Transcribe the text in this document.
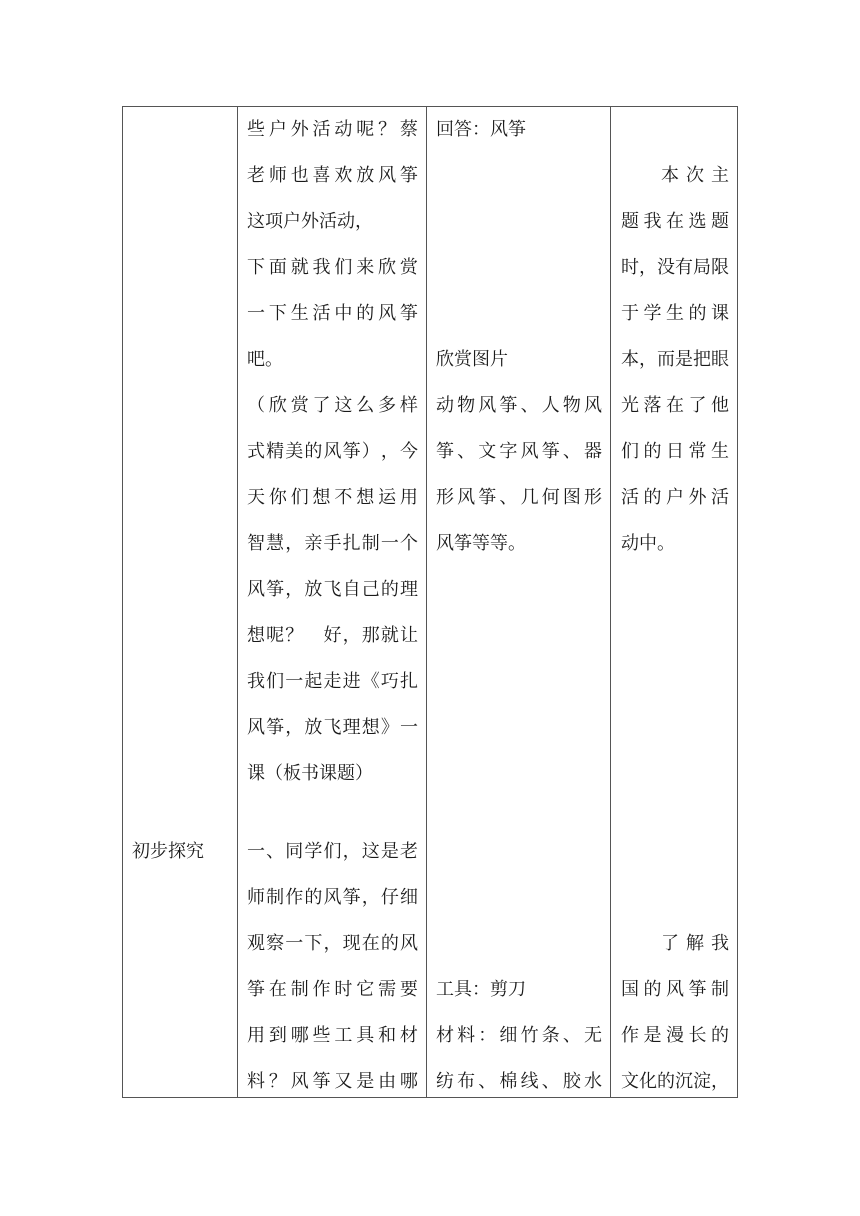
初步探究
些 户 外 活 动 呢 ？ 蔡
老 师 也 喜 欢 放 风 筝
这项户外活动，
下 面 就 我 们 来 欣 赏
一 下 生 活 中 的 风 筝
吧。
（ 欣 赏 了 这 么 多 样
式 精 美 的 风 筝 ） ， 今
天 你 们 想 不 想 运 用
智 慧 ， 亲 手 扎 制 一 个
风 筝 ， 放 飞 自 己 的 理
想 呢 ？
　 好 ， 那 就 让
我 们 一 起 走 进 《 巧 扎
风 筝 ， 放 飞 理 想 》 一
课（板书课题）
一 、 同 学 们 ， 这 是 老
师 制 作 的 风 筝 ， 仔 细
观 察 一 下 ， 现 在 的 风
筝 在 制 作 时 它 需 要
用 到 哪 些 工 具 和 材
料 ？ 风 筝 又 是 由 哪
回答：风筝
欣赏图片
动 物 风 筝 、 人 物 风
筝 、 文 字 风 筝 、 器
形 风 筝 、 几 何 图 形
风筝等等。
工具：剪刀
材 料 ： 细 竹 条 、 无
纺 布 、 棉 线 、 胶 水
本 次 主
题 我 在 选 题
时 ， 没 有 局 限
于 学 生 的 课
本 ， 而 是 把 眼
光 落 在 了 他
们 的 日 常 生
活 的 户 外 活
动中。
了 解 我
国 的 风 筝 制
作 是 漫 长 的
文 化 的 沉 淀 ，
